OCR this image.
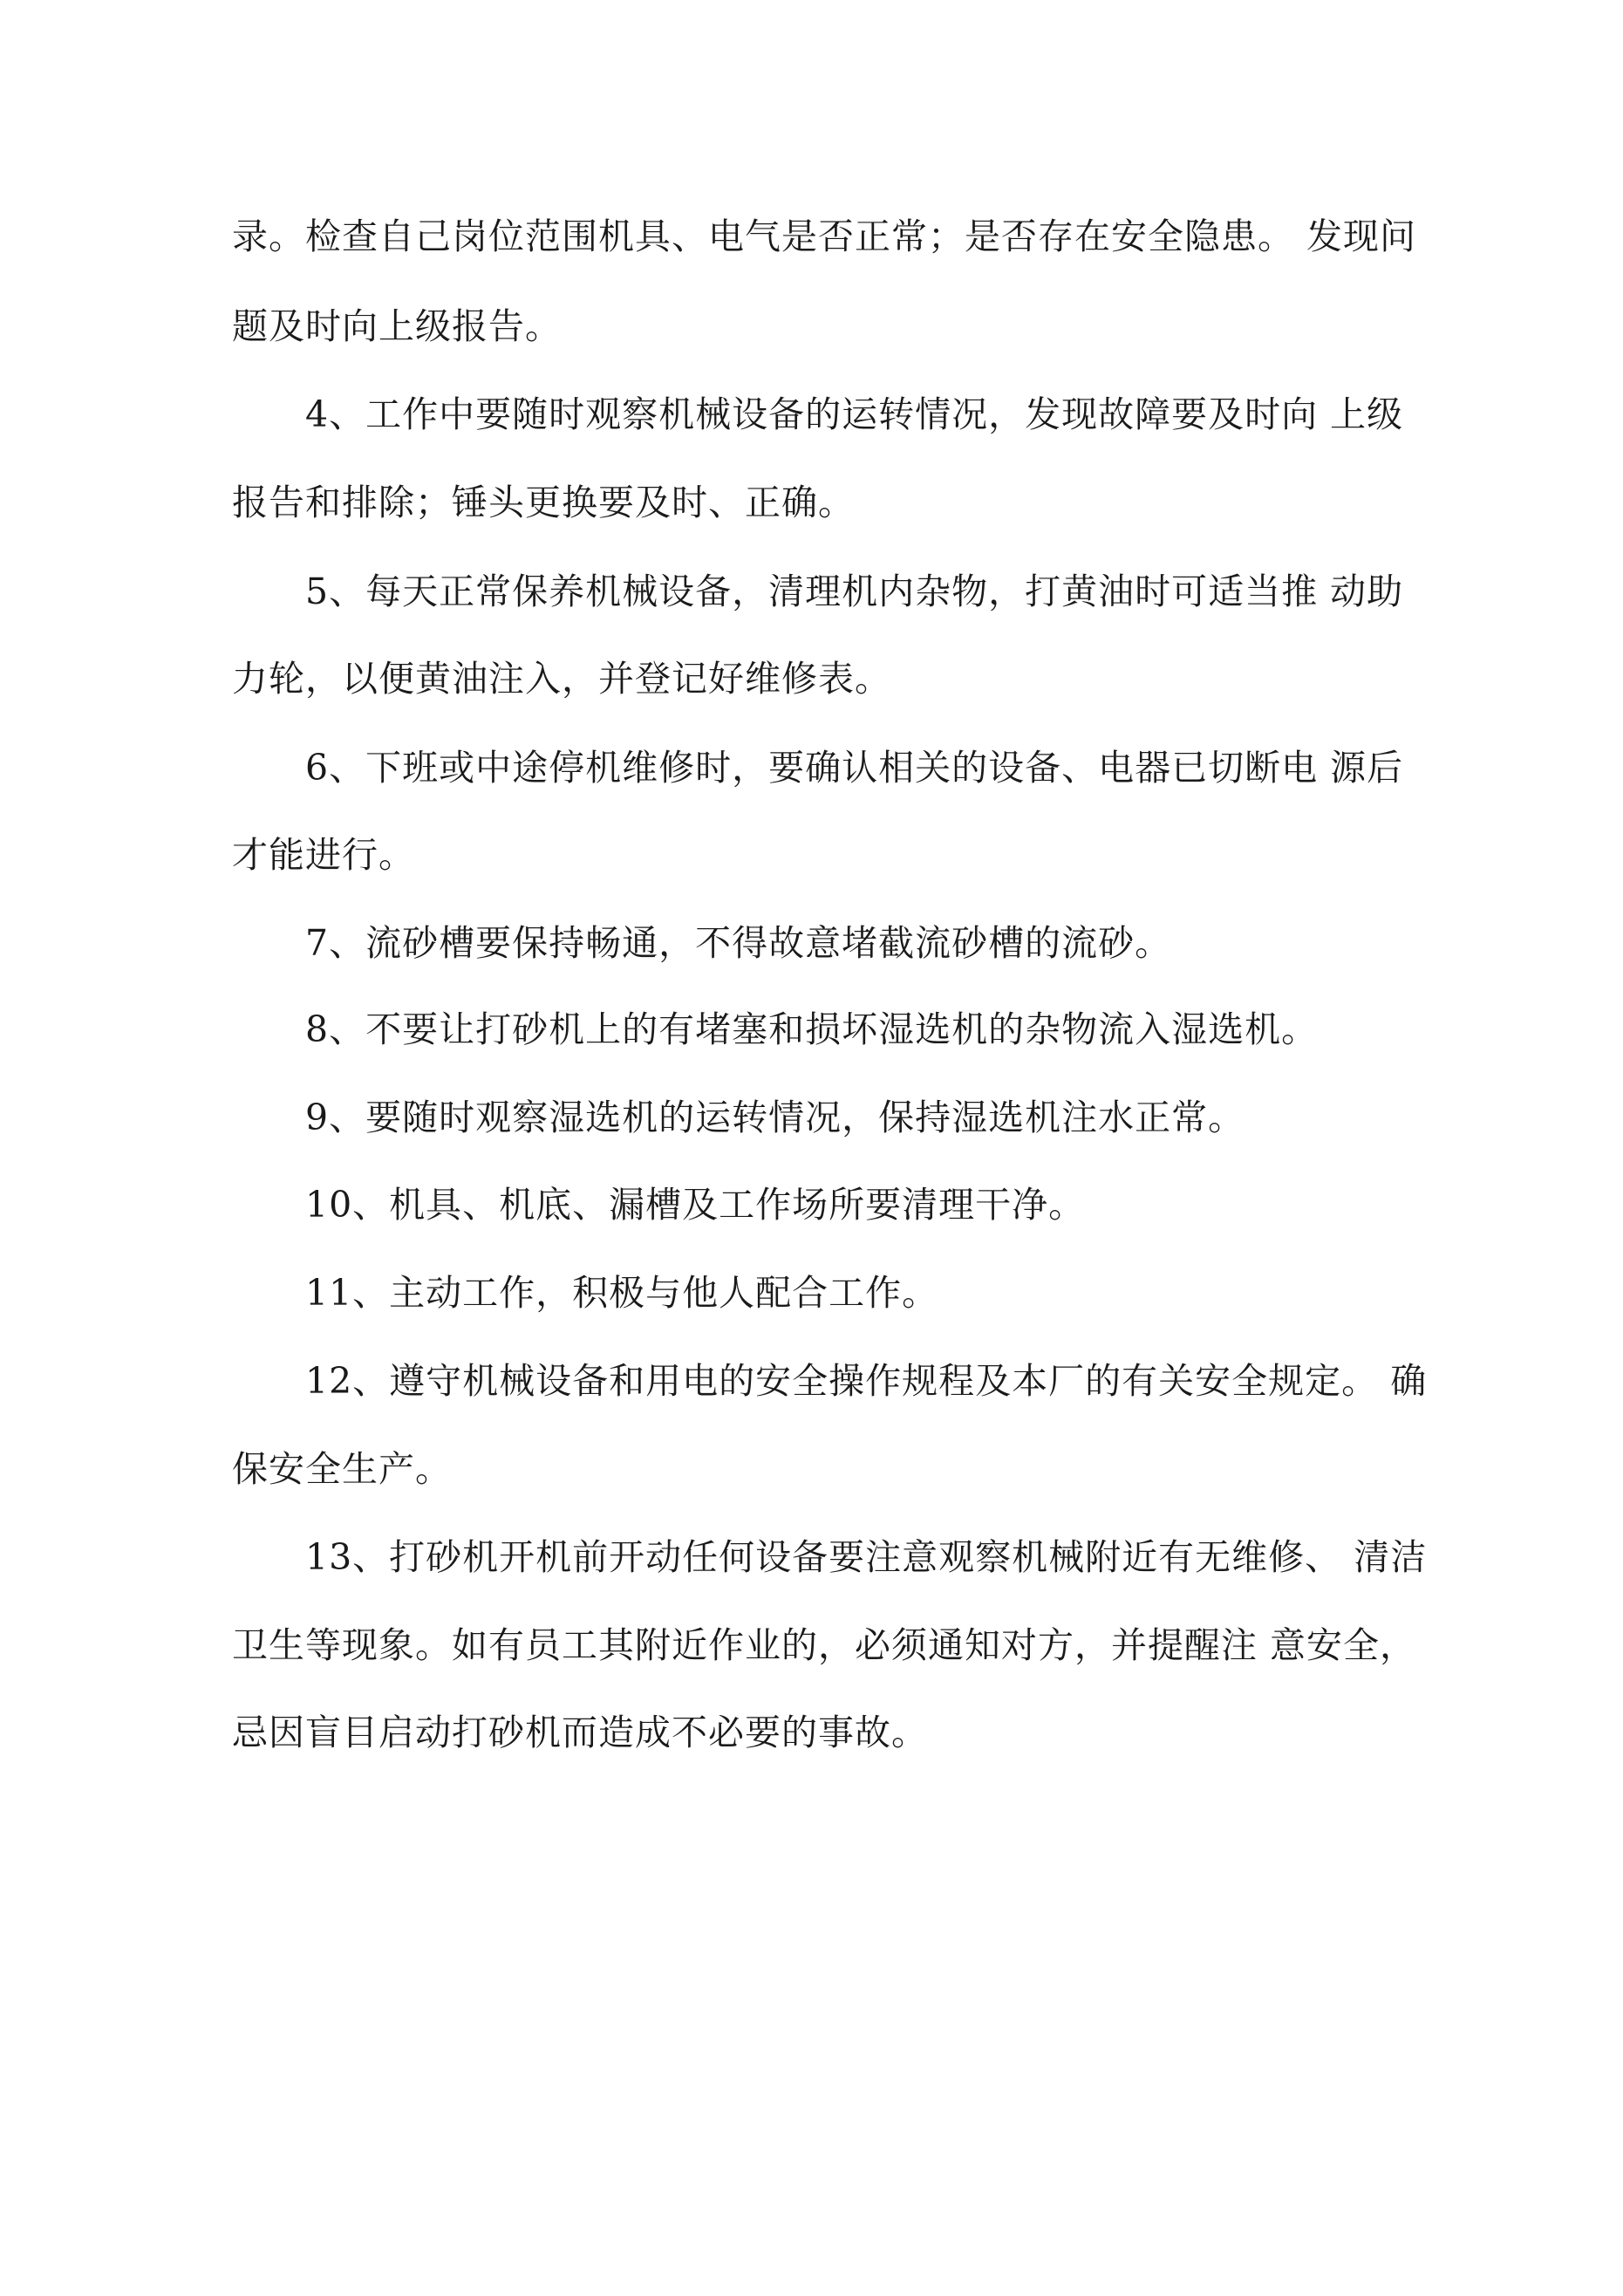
录。检查自己岗位范围机具、电气是否正常；是否存在安全隐患。 发现问
题及时向上级报告。
4、工作中要随时观察机械设备的运转情况，发现故障要及时向 上级
报告和排除；锤头更换要及时、正确。
5、每天正常保养机械设备，清理机内杂物，打黄油时可适当推 动助
力轮，以便黄油注入，并登记好维修表。
6、下班或中途停机维修时，要确认相关的设备、电器已切断电 源后
才能进行。
7、流砂槽要保持畅通，不得故意堵截流砂槽的流砂。
8、不要让打砂机上的有堵塞和损坏湿选机的杂物流入湿选机。
9、要随时观察湿选机的运转情况，保持湿选机注水正常。
10、机具、机底、漏槽及工作场所要清理干净。
11、主动工作，积极与他人配合工作。
12、遵守机械设备和用电的安全操作规程及本厂的有关安全规定。 确
保安全生产。
13、打砂机开机前开动任何设备要注意观察机械附近有无维修、 清洁
卫生等现象。如有员工其附近作业的，必须通知对方，并提醒注 意安全，
忌因盲目启动打砂机而造成不必要的事故。
